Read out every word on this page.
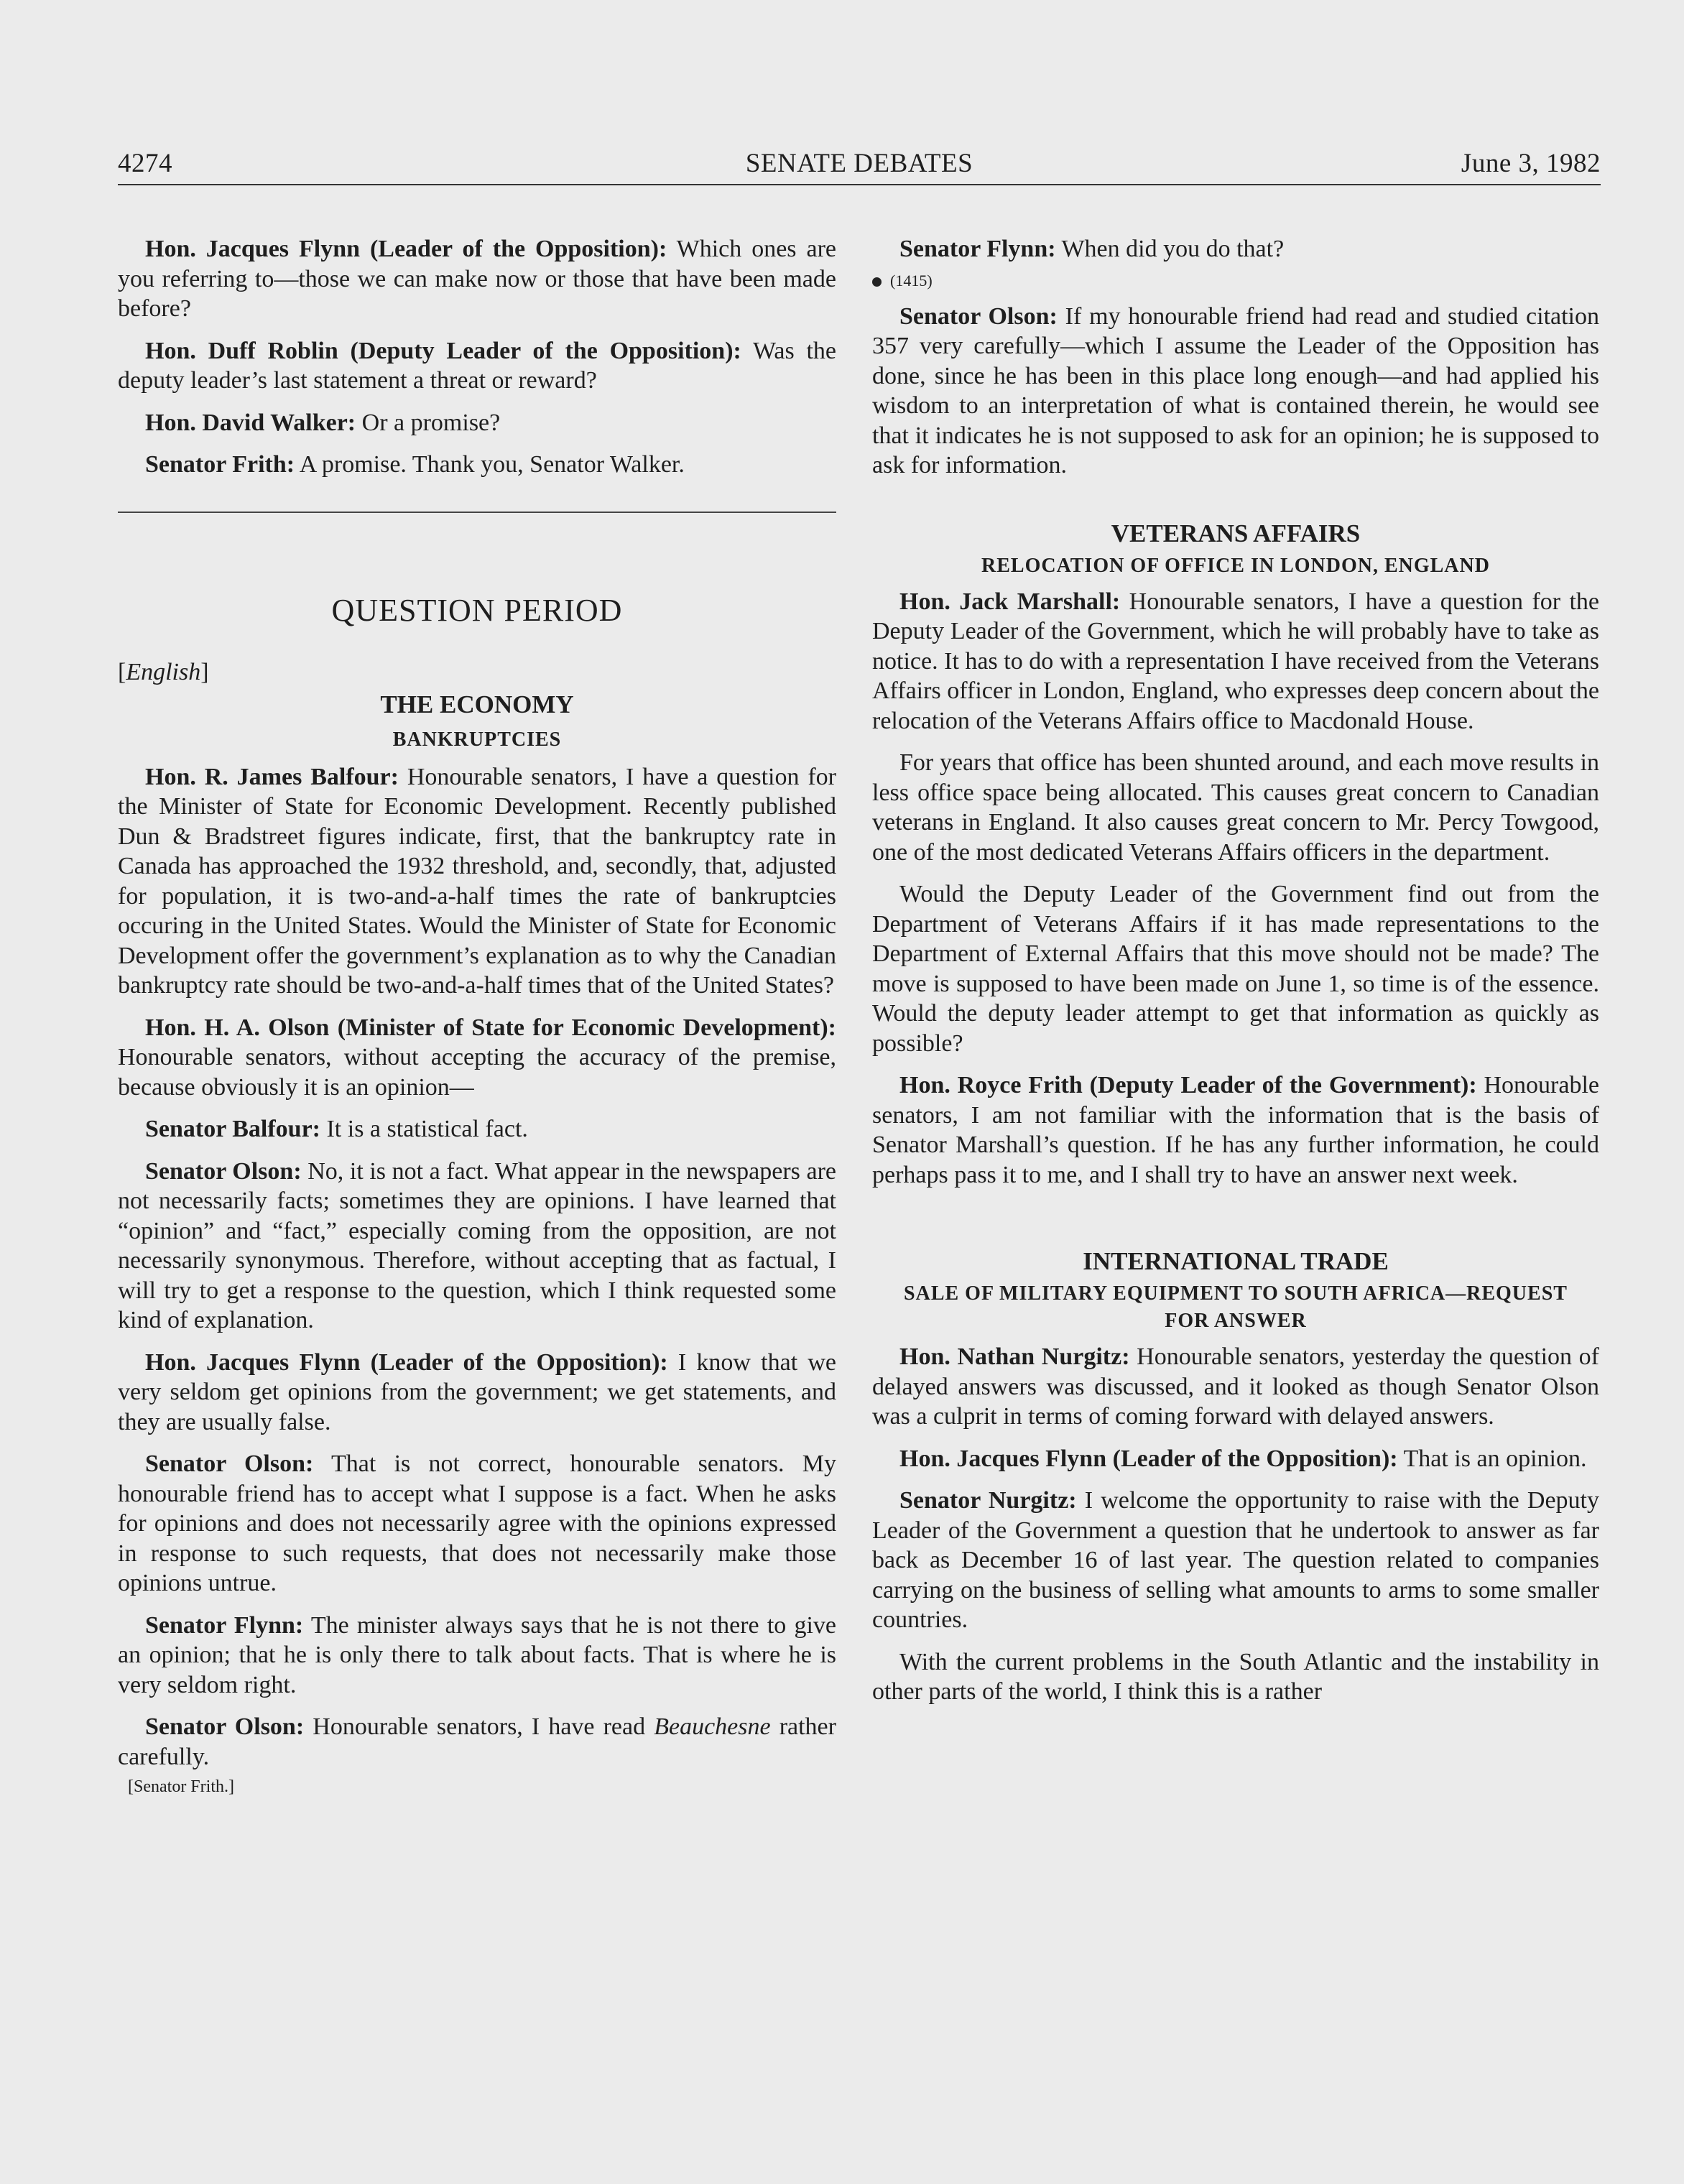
4274	SENATE DEBATES	June 3, 1982

Hon. Jacques Flynn (Leader of the Opposition): Which ones are you referring to—those we can make now or those that have been made before?

Hon. Duff Roblin (Deputy Leader of the Opposition): Was the deputy leader’s last statement a threat or reward?

Hon. David Walker: Or a promise?

Senator Frith: A promise. Thank you, Senator Walker.

QUESTION PERIOD

[English]

THE ECONOMY
BANKRUPTCIES

Hon. R. James Balfour: Honourable senators, I have a question for the Minister of State for Economic Development. Recently published Dun & Bradstreet figures indicate, first, that the bankruptcy rate in Canada has approached the 1932 threshold, and, secondly, that, adjusted for population, it is two-and-a-half times the rate of bankruptcies occuring in the United States. Would the Minister of State for Economic Development offer the government’s explanation as to why the Canadian bankruptcy rate should be two-and-a-half times that of the United States?

Hon. H. A. Olson (Minister of State for Economic Development): Honourable senators, without accepting the accuracy of the premise, because obviously it is an opinion—

Senator Balfour: It is a statistical fact.

Senator Olson: No, it is not a fact. What appear in the newspapers are not necessarily facts; sometimes they are opinions. I have learned that “opinion” and “fact,” especially coming from the opposition, are not necessarily synonymous. Therefore, without accepting that as factual, I will try to get a response to the question, which I think requested some kind of explanation.

Hon. Jacques Flynn (Leader of the Opposition): I know that we very seldom get opinions from the government; we get statements, and they are usually false.

Senator Olson: That is not correct, honourable senators. My honourable friend has to accept what I suppose is a fact. When he asks for opinions and does not necessarily agree with the opinions expressed in response to such requests, that does not necessarily make those opinions untrue.

Senator Flynn: The minister always says that he is not there to give an opinion; that he is only there to talk about facts. That is where he is very seldom right.

Senator Olson: Honourable senators, I have read Beauchesne rather carefully.

[Senator Frith.]

Senator Flynn: When did you do that?

(1415)

Senator Olson: If my honourable friend had read and studied citation 357 very carefully—which I assume the Leader of the Opposition has done, since he has been in this place long enough—and had applied his wisdom to an interpretation of what is contained therein, he would see that it indicates he is not supposed to ask for an opinion; he is supposed to ask for information.

VETERANS AFFAIRS
RELOCATION OF OFFICE IN LONDON, ENGLAND

Hon. Jack Marshall: Honourable senators, I have a question for the Deputy Leader of the Government, which he will probably have to take as notice. It has to do with a representation I have received from the Veterans Affairs officer in London, England, who expresses deep concern about the relocation of the Veterans Affairs office to Macdonald House.

For years that office has been shunted around, and each move results in less office space being allocated. This causes great concern to Canadian veterans in England. It also causes great concern to Mr. Percy Towgood, one of the most dedicated Veterans Affairs officers in the department.

Would the Deputy Leader of the Government find out from the Department of Veterans Affairs if it has made representations to the Department of External Affairs that this move should not be made? The move is supposed to have been made on June 1, so time is of the essence. Would the deputy leader attempt to get that information as quickly as possible?

Hon. Royce Frith (Deputy Leader of the Government): Honourable senators, I am not familiar with the information that is the basis of Senator Marshall’s question. If he has any further information, he could perhaps pass it to me, and I shall try to have an answer next week.

INTERNATIONAL TRADE
SALE OF MILITARY EQUIPMENT TO SOUTH AFRICA—REQUEST
FOR ANSWER

Hon. Nathan Nurgitz: Honourable senators, yesterday the question of delayed answers was discussed, and it looked as though Senator Olson was a culprit in terms of coming forward with delayed answers.

Hon. Jacques Flynn (Leader of the Opposition): That is an opinion.

Senator Nurgitz: I welcome the opportunity to raise with the Deputy Leader of the Government a question that he undertook to answer as far back as December 16 of last year. The question related to companies carrying on the business of selling what amounts to arms to some smaller countries.

With the current problems in the South Atlantic and the instability in other parts of the world, I think this is a rather
